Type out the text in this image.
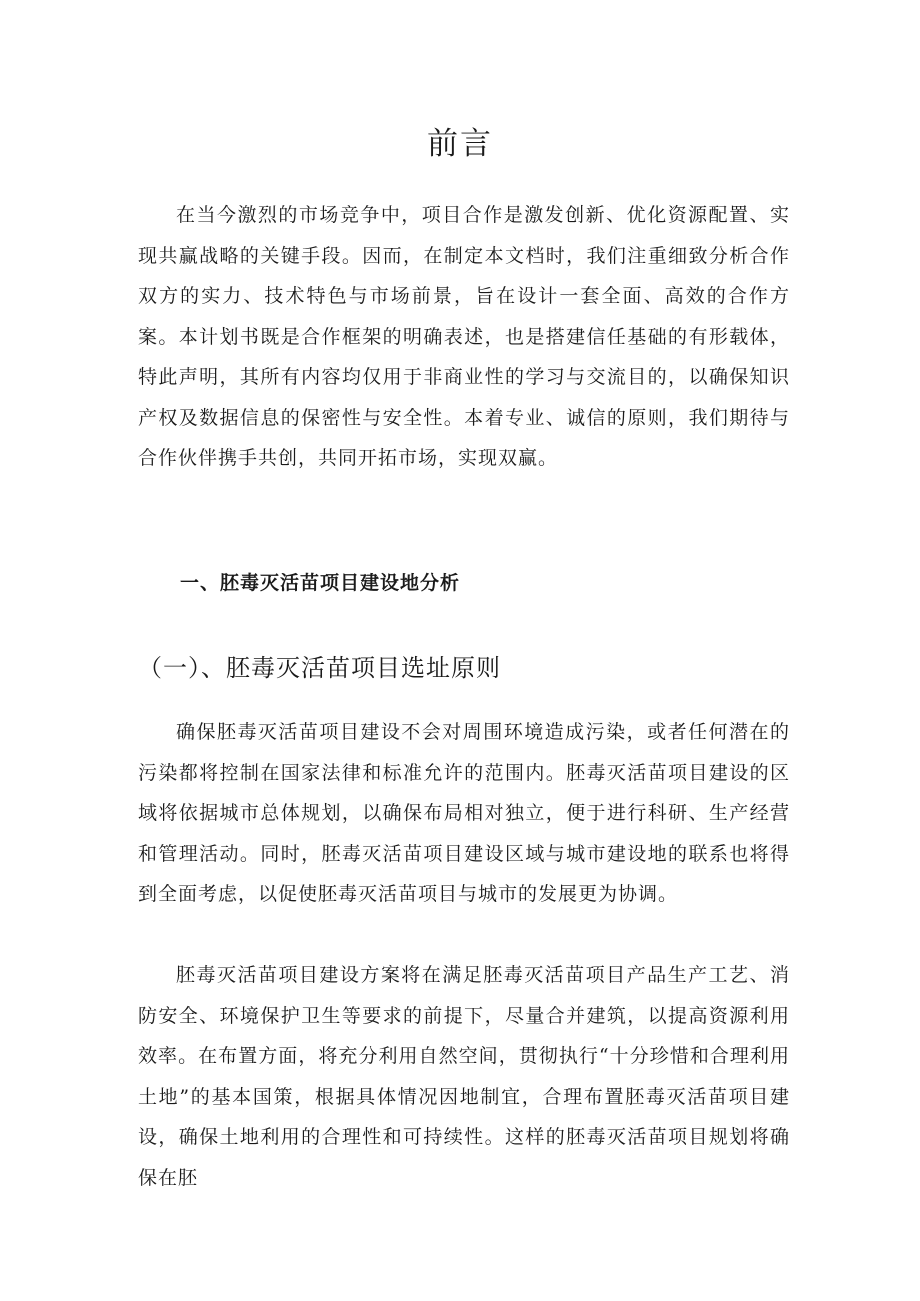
前言

在当今激烈的市场竞争中，项目合作是激发创新、优化资源配置、实现共赢战略的关键手段。因而，在制定本文档时，我们注重细致分析合作双方的实力、技术特色与市场前景，旨在设计一套全面、高效的合作方案。本计划书既是合作框架的明确表述，也是搭建信任基础的有形载体，特此声明，其所有内容均仅用于非商业性的学习与交流目的，以确保知识产权及数据信息的保密性与安全性。本着专业、诚信的原则，我们期待与合作伙伴携手共创，共同开拓市场，实现双赢。

一、胚毒灭活苗项目建设地分析
（一）、胚毒灭活苗项目选址原则

确保胚毒灭活苗项目建设不会对周围环境造成污染，或者任何潜在的污染都将控制在国家法律和标准允许的范围内。胚毒灭活苗项目建设的区域将依据城市总体规划，以确保布局相对独立，便于进行科研、生产经营和管理活动。同时，胚毒灭活苗项目建设区域与城市建设地的联系也将得到全面考虑，以促使胚毒灭活苗项目与城市的发展更为协调。

胚毒灭活苗项目建设方案将在满足胚毒灭活苗项目产品生产工艺、消防安全、环境保护卫生等要求的前提下，尽量合并建筑，以提高资源利用效率。在布置方面，将充分利用自然空间，贯彻执行“十分珍惜和合理利用土地”的基本国策，根据具体情况因地制宜，合理布置胚毒灭活苗项目建设，确保土地利用的合理性和可持续性。这样的胚毒灭活苗项目规划将确保在胚
